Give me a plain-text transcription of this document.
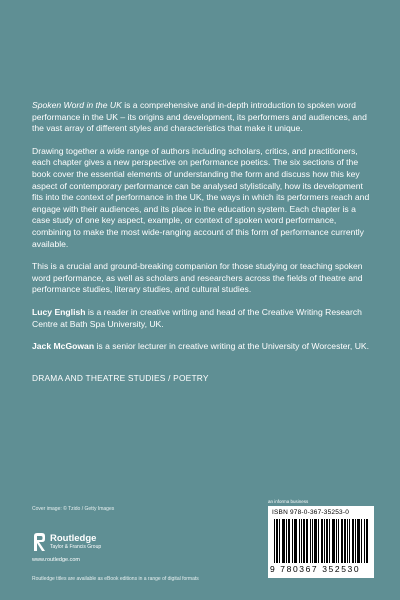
Spoken Word in the UK is a comprehensive and in-depth introduction to spoken word performance in the UK – its origins and development, its performers and audiences, and the vast array of different styles and characteristics that make it unique.

Drawing together a wide range of authors including scholars, critics, and practitioners, each chapter gives a new perspective on performance poetics. The six sections of the book cover the essential elements of understanding the form and discuss how this key aspect of contemporary performance can be analysed stylistically, how its development fits into the context of performance in the UK, the ways in which its performers reach and engage with their audiences, and its place in the education system. Each chapter is a case study of one key aspect, example, or context of spoken word performance, combining to make the most wide-ranging account of this form of performance currently available.

This is a crucial and ground-breaking companion for those studying or teaching spoken word performance, as well as scholars and researchers across the fields of theatre and performance studies, literary studies, and cultural studies.

Lucy English is a reader in creative writing and head of the Creative Writing Research Centre at Bath Spa University, UK.

Jack McGowan is a senior lecturer in creative writing at the University of Worcester, UK.

DRAMA AND THEATRE STUDIES / POETRY
Cover image: © Tzido / Getty Images
Routledge
Taylor & Francis Group
www.routledge.com
Routledge titles are available as eBook editions in a range of digital formats
an informa business
ISBN 978-0-367-35253-0
9 780367 352530
